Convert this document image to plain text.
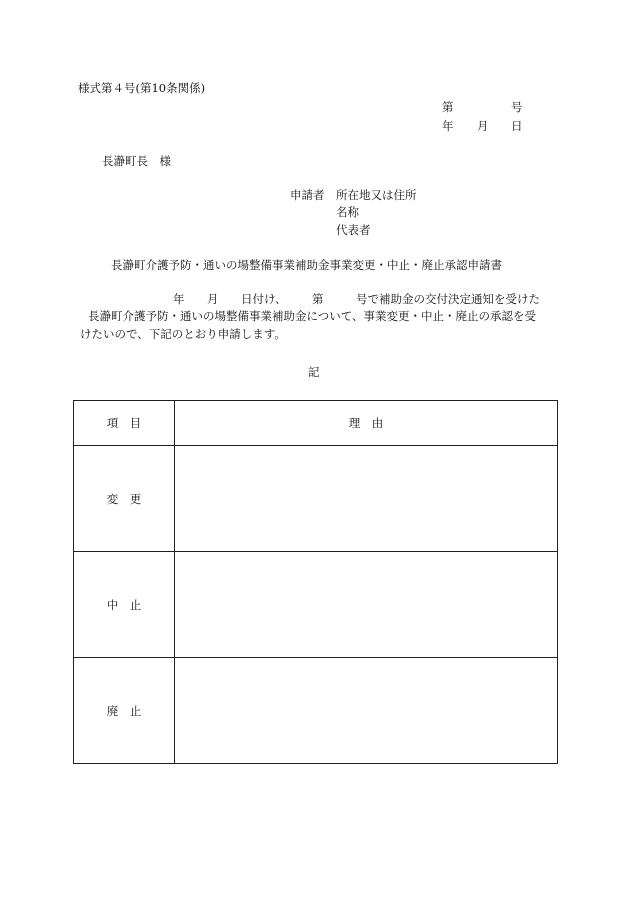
様式第４号(第10条関係)
第	号
年 月 日
長瀞町長　様
申請者 所在地又は住所
名称
代表者
長瀞町介護予防・通いの場整備事業補助金事業変更・中止・廃止承認申請書
年 月 日付け、 第	号で補助金の交付決定通知を受けた
長瀞町介護予防・通いの場整備事業補助金について、事業変更・中止・廃止の承認を受
けたいので、下記のとおり申請します。
記
項　目	理　由
変　更	
中　止	
廃　止	
